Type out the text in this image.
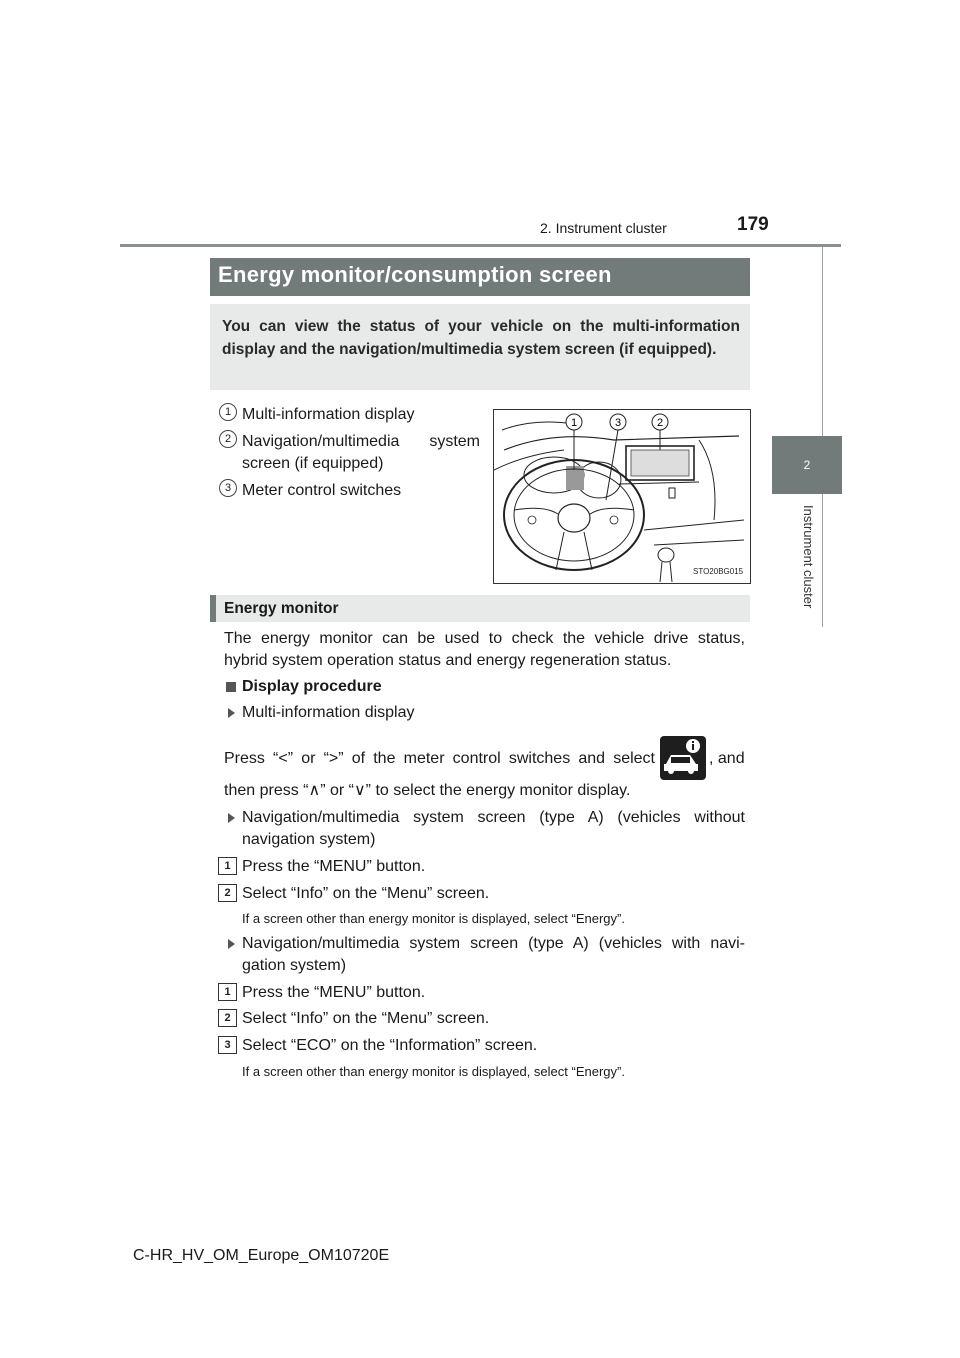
2. Instrument cluster	179
2
Instrument cluster
Energy monitor/consumption screen
You can view the status of your vehicle on the multi-information display and the navigation/multimedia system screen (if equipped).
1 Multi-information display
2 Navigation/multimedia system
screen (if equipped)
3 Meter control switches
1	3	2
STO20BG015
Energy monitor
The energy monitor can be used to check the vehicle drive status,
hybrid system operation status and energy regeneration status.
Display procedure
Multi-information display
Press “<” or “>” of the meter control switches and select	, and
then press “∧” or “∨” to select the energy monitor display.
Navigation/multimedia system screen (type A) (vehicles without
navigation system)
1 Press the “MENU” button.
2 Select “Info” on the “Menu” screen.
If a screen other than energy monitor is displayed, select “Energy”.
Navigation/multimedia system screen (type A) (vehicles with navi-
gation system)
1 Press the “MENU” button.
2 Select “Info” on the “Menu” screen.
3 Select “ECO” on the “Information” screen.
If a screen other than energy monitor is displayed, select “Energy”.
C-HR_HV_OM_Europe_OM10720E
